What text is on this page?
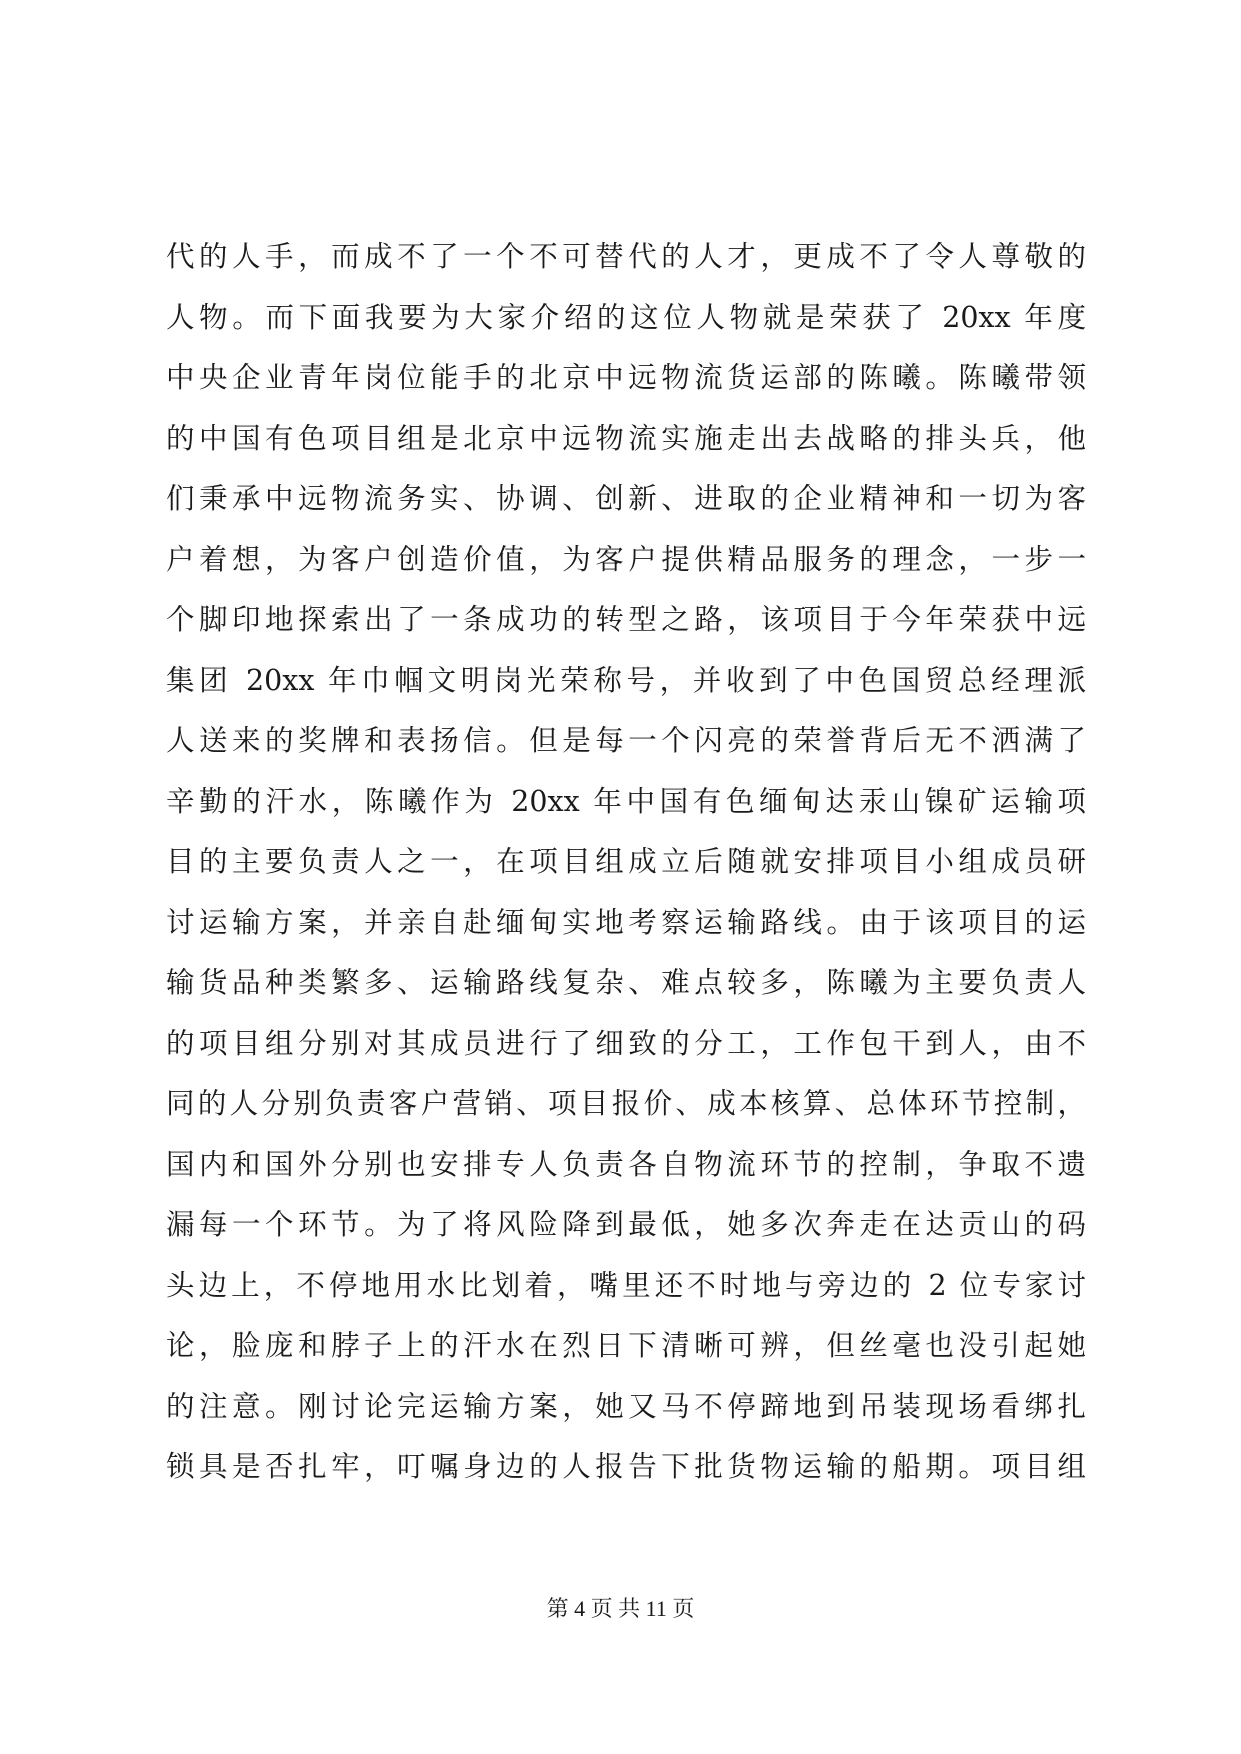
代的人手，而成不了一个不可替代的人才，更成不了令人尊敬的
人物。而下面我要为大家介绍的这位人物就是荣获了 20xx 年度
中央企业青年岗位能手的北京中远物流货运部的陈曦。陈曦带领
的中国有色项目组是北京中远物流实施走出去战略的排头兵，他
们秉承中远物流务实、协调、创新、进取的企业精神和一切为客
户着想，为客户创造价值，为客户提供精品服务的理念，一步一
个脚印地探索出了一条成功的转型之路，该项目于今年荣获中远
集团 20xx 年巾帼文明岗光荣称号，并收到了中色国贸总经理派
人送来的奖牌和表扬信。但是每一个闪亮的荣誉背后无不洒满了
辛勤的汗水，陈曦作为 20xx 年中国有色缅甸达汞山镍矿运输项
目的主要负责人之一，在项目组成立后随就安排项目小组成员研
讨运输方案，并亲自赴缅甸实地考察运输路线。由于该项目的运
输货品种类繁多、运输路线复杂、难点较多，陈曦为主要负责人
的项目组分别对其成员进行了细致的分工，工作包干到人，由不
同的人分别负责客户营销、项目报价、成本核算、总体环节控制，
国内和国外分别也安排专人负责各自物流环节的控制，争取不遗
漏每一个环节。为了将风险降到最低，她多次奔走在达贡山的码
头边上，不停地用水比划着，嘴里还不时地与旁边的 2 位专家讨
论，脸庞和脖子上的汗水在烈日下清晰可辨，但丝毫也没引起她
的注意。刚讨论完运输方案，她又马不停蹄地到吊装现场看绑扎
锁具是否扎牢，叮嘱身边的人报告下批货物运输的船期。项目组
第 4 页 共 11 页
